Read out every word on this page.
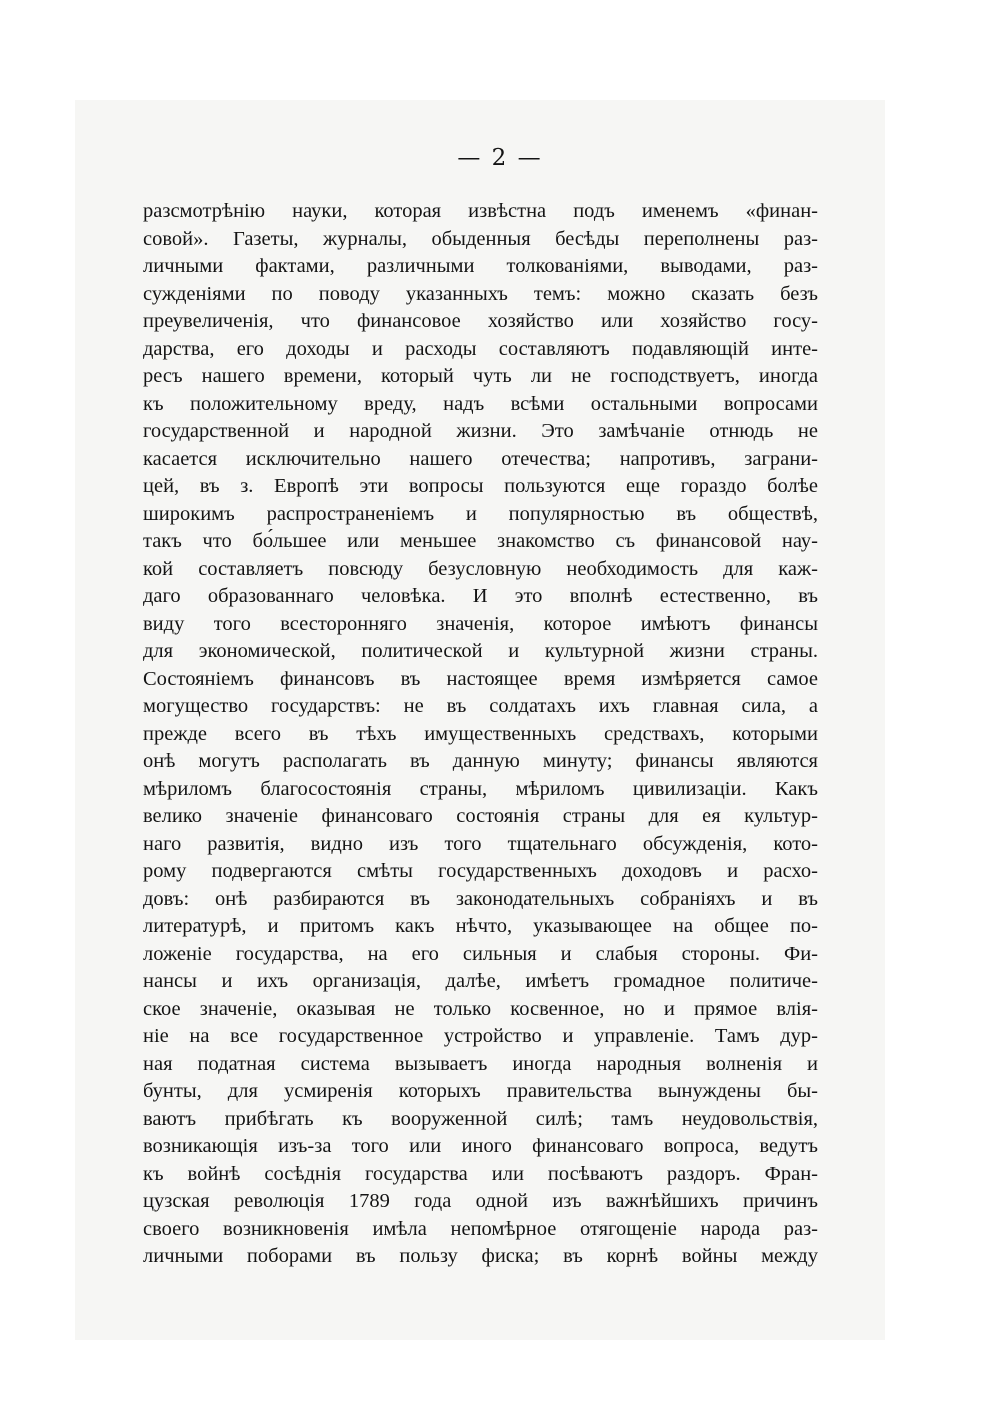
— 2 —
разсмотрѣнію науки, которая извѣстна подъ именемъ «финан-
совой». Газеты, журналы, обыденныя бесѣды переполнены раз-
личными фактами, различными толкованіями, выводами, раз-
сужденіями по поводу указанныхъ темъ: можно сказать безъ
преувеличенія, что финансовое хозяйство или хозяйство госу-
дарства, его доходы и расходы составляютъ подавляющій инте-
ресъ нашего времени, который чуть ли не господствуетъ, иногда
къ положительному вреду, надъ всѣми остальными вопросами
государственной и народной жизни. Это замѣчаніе отнюдь не
касается исключительно нашего отечества; напротивъ, заграни-
цей, въ з. Европѣ эти вопросы пользуются еще гораздо болѣе
широкимъ распространеніемъ и популярностью въ обществѣ,
такъ что бо́льшее или меньшее знакомство съ финансовой нау-
кой составляетъ повсюду безусловную необходимость для каж-
даго образованнаго человѣка. И это вполнѣ естественно, въ
виду того всесторонняго значенія, которое имѣютъ финансы
для экономической, политической и культурной жизни страны.
Состояніемъ финансовъ въ настоящее время измѣряется самое
могущество государствъ: не въ солдатахъ ихъ главная сила, а
прежде всего въ тѣхъ имущественныхъ средствахъ, которыми
онѣ могутъ располагать въ данную минуту; финансы являются
мѣриломъ благосостоянія страны, мѣриломъ цивилизаціи. Какъ
велико значеніе финансоваго состоянія страны для ея культур-
наго развитія, видно изъ того тщательнаго обсужденія, кото-
рому подвергаются смѣты государственныхъ доходовъ и расхо-
довъ: онѣ разбираются въ законодательныхъ собраніяхъ и въ
литературѣ, и притомъ какъ нѣчто, указывающее на общее по-
ложеніе государства, на его сильныя и слабыя стороны. Фи-
нансы и ихъ организація, далѣе, имѣетъ громадное политиче-
ское значеніе, оказывая не только косвенное, но и прямое влія-
ніе на все государственное устройство и управленіе. Тамъ дур-
ная податная система вызываетъ иногда народныя волненія и
бунты, для усмиренія которыхъ правительства вынуждены бы-
ваютъ прибѣгать къ вооруженной силѣ; тамъ неудовольствія,
возникающія изъ-за того или иного финансоваго вопроса, ведутъ
къ войнѣ сосѣднія государства или посѣваютъ раздоръ. Фран-
цузская революція 1789 года одной изъ важнѣйшихъ причинъ
своего возникновенія имѣла непомѣрное отягощеніе народа раз-
личными поборами въ пользу фиска; въ корнѣ войны между
